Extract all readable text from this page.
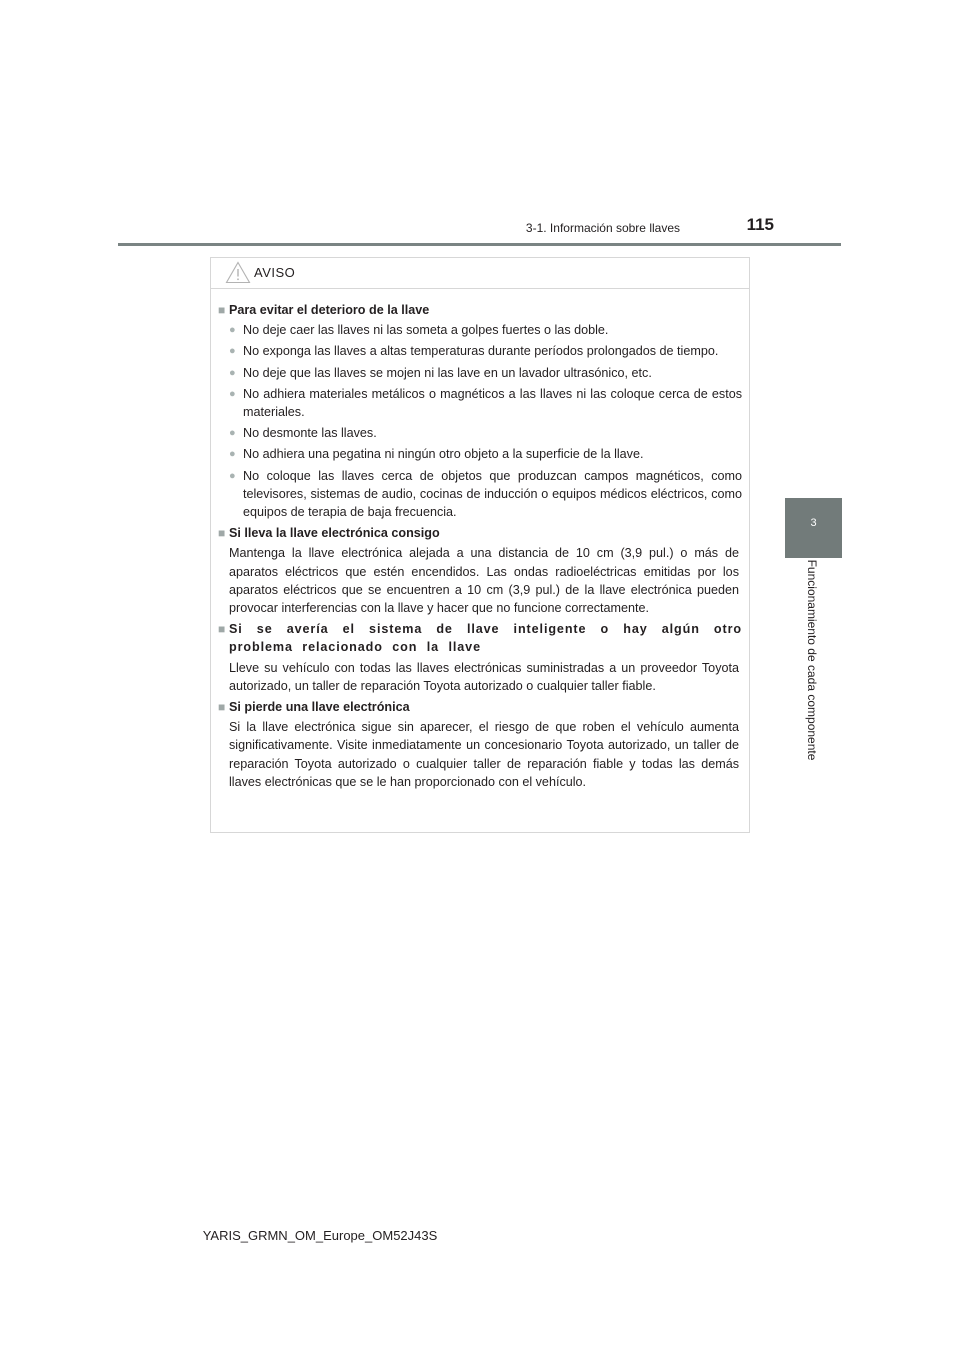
3-1. Información sobre llaves	115
3
Funcionamiento de cada componente
AVISO
■ Para evitar el deterioro de la llave
● No deje caer las llaves ni las someta a golpes fuertes o las doble.
● No exponga las llaves a altas temperaturas durante períodos prolongados de tiempo.
● No deje que las llaves se mojen ni las lave en un lavador ultrasónico, etc.
● No adhiera materiales metálicos o magnéticos a las llaves ni las coloque cerca de estos materiales.
● No desmonte las llaves.
● No adhiera una pegatina ni ningún otro objeto a la superficie de la llave.
● No coloque las llaves cerca de objetos que produzcan campos magnéticos, como televisores, sistemas de audio, cocinas de inducción o equipos médicos eléctricos, como equipos de terapia de baja frecuencia.
■ Si lleva la llave electrónica consigo
Mantenga la llave electrónica alejada a una distancia de 10 cm (3,9 pul.) o más de aparatos eléctricos que estén encendidos. Las ondas radioeléctricas emitidas por los aparatos eléctricos que se encuentren a 10 cm (3,9 pul.) de la llave electrónica pueden provocar interferencias con la llave y hacer que no funcione correctamente.
■ Si se avería el sistema de llave inteligente o hay algún otro problema relacionado con la llave
Lleve su vehículo con todas las llaves electrónicas suministradas a un proveedor Toyota autorizado, un taller de reparación Toyota autorizado o cualquier taller fiable.
■ Si pierde una llave electrónica
Si la llave electrónica sigue sin aparecer, el riesgo de que roben el vehículo aumenta significativamente. Visite inmediatamente un concesionario Toyota autorizado, un taller de reparación Toyota autorizado o cualquier taller de reparación fiable y todas las demás llaves electrónicas que se le han proporcionado con el vehículo.
YARIS_GRMN_OM_Europe_OM52J43S
